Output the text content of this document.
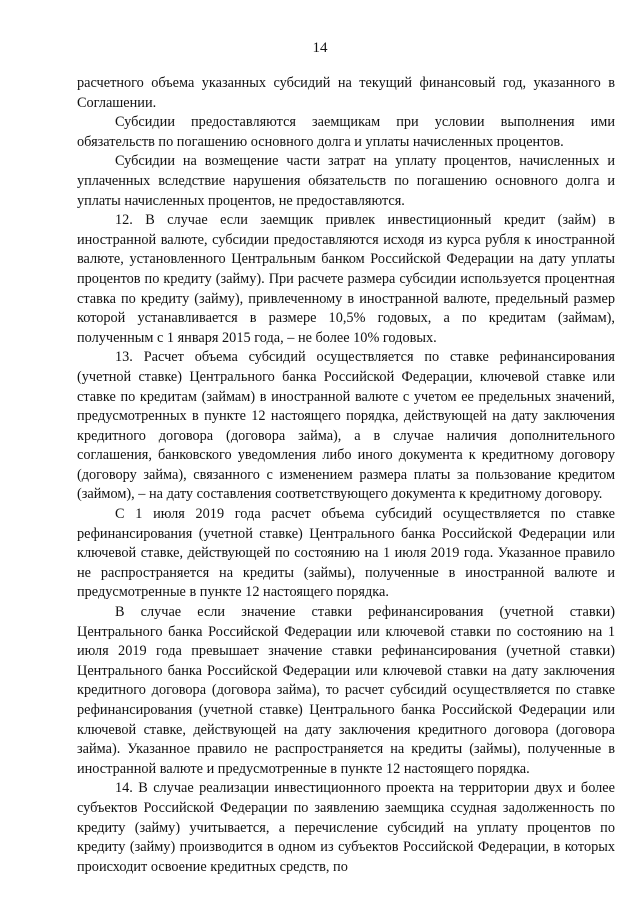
14

расчетного объема указанных субсидий на текущий финансовый год, указанного в Соглашении.

Субсидии предоставляются заемщикам при условии выполнения ими обязательств по погашению основного долга и уплаты начисленных процентов.

Субсидии на возмещение части затрат на уплату процентов, начисленных и уплаченных вследствие нарушения обязательств по погашению основного долга и уплаты начисленных процентов, не предоставляются.

12. В случае если заемщик привлек инвестиционный кредит (займ) в иностранной валюте, субсидии предоставляются исходя из курса рубля к иностранной валюте, установленного Центральным банком Российской Федерации на дату уплаты процентов по кредиту (займу). При расчете размера субсидии используется процентная ставка по кредиту (займу), привлеченному в иностранной валюте, предельный размер которой устанавливается в размере 10,5% годовых, а по кредитам (займам), полученным с 1 января 2015 года, – не более 10% годовых.

13. Расчет объема субсидий осуществляется по ставке рефинансирования (учетной ставке) Центрального банка Российской Федерации, ключевой ставке или ставке по кредитам (займам) в иностранной валюте с учетом ее предельных значений, предусмотренных в пункте 12 настоящего порядка, действующей на дату заключения кредитного договора (договора займа), а в случае наличия дополнительного соглашения, банковского уведомления либо иного документа к кредитному договору (договору займа), связанного с изменением размера платы за пользование кредитом (займом), – на дату составления соответствующего документа к кредитному договору.

С 1 июля 2019 года расчет объема субсидий осуществляется по ставке рефинансирования (учетной ставке) Центрального банка Российской Федерации или ключевой ставке, действующей по состоянию на 1 июля 2019 года. Указанное правило не распространяется на кредиты (займы), полученные в иностранной валюте и предусмотренные в пункте 12 настоящего порядка.

В случае если значение ставки рефинансирования (учетной ставки) Центрального банка Российской Федерации или ключевой ставки по состоянию на 1 июля 2019 года превышает значение ставки рефинансирования (учетной ставки) Центрального банка Российской Федерации или ключевой ставки на дату заключения кредитного договора (договора займа), то расчет субсидий осуществляется по ставке рефинансирования (учетной ставке) Центрального банка Российской Федерации или ключевой ставке, действующей на дату заключения кредитного договора (договора займа). Указанное правило не распространяется на кредиты (займы), полученные в иностранной валюте и предусмотренные в пункте 12 настоящего порядка.

14. В случае реализации инвестиционного проекта на территории двух и более субъектов Российской Федерации по заявлению заемщика ссудная задолженность по кредиту (займу) учитывается, а перечисление субсидий на уплату процентов по кредиту (займу) производится в одном из субъектов Российской Федерации, в которых происходит освоение кредитных средств, по
